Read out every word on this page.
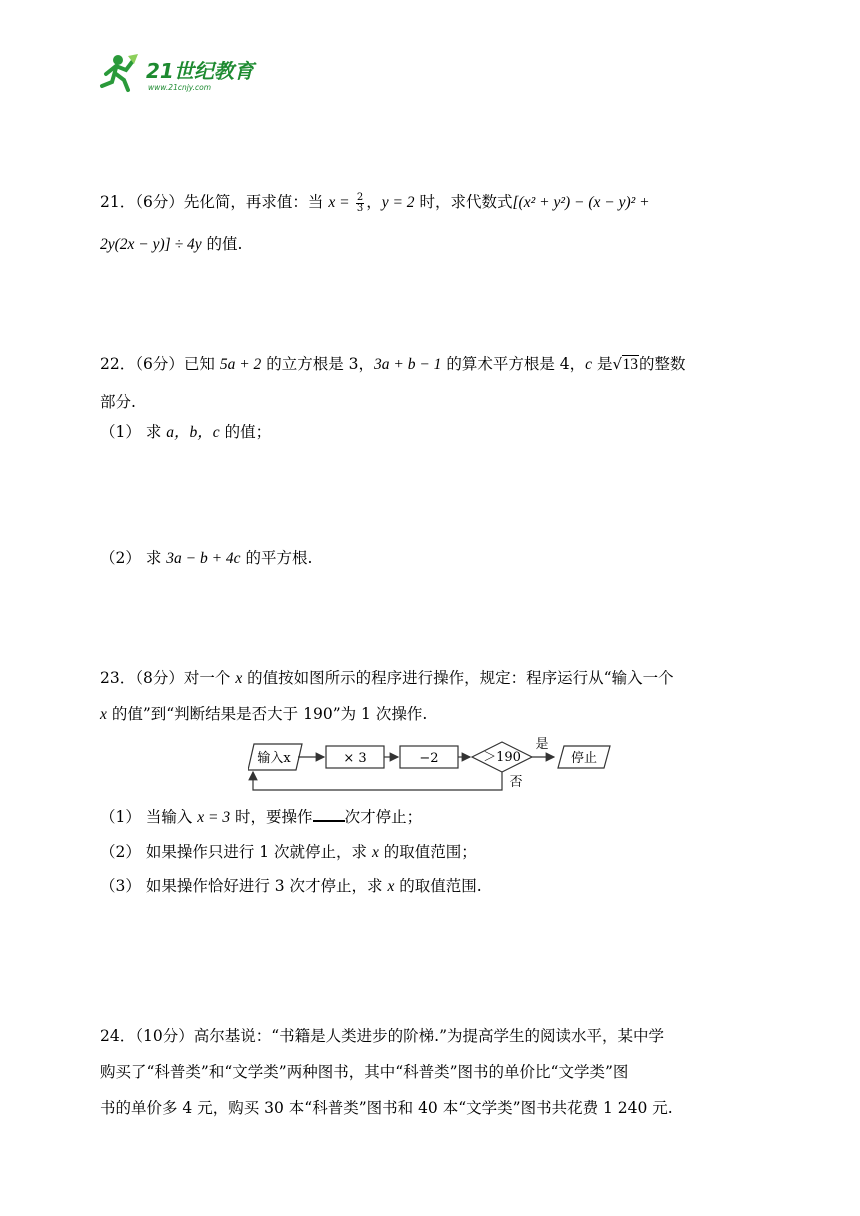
21世纪教育
www.21cnjy.com
21．（6分）先化简，再求值：当 $x = \frac{2}{3}$ ，y = 2 时，求代数式[(x² + y²) − (x − y)² +
2y(2x − y)] ÷ 4y 的值.
22．（6分）已知 5a + 2 的立方根是 3，3a + b − 1 的算术平方根是 4，c 是 √ 13的整数
部分.
（1） 求 a，b，c 的值；
（2） 求 3a − b + 4c 的平方根.
23．（8分）对一个 x 的值按如图所示的程序进行操作，规定：程序运行从“输入一个
x 的值”到“判断结果是否大于 190”为 1 次操作.
输入x	× 3	−2	＞190
是
停止
否
（1） 当输入 x = 3 时，要操作 次才停止；
（2） 如果操作只进行 1 次就停止，求 x 的取值范围；
（3） 如果操作恰好进行 3 次才停止，求 x 的取值范围.
24．（10分）高尔基说：“书籍是人类进步的阶梯.”为提高学生的阅读水平，某中学
购买了“科普类”和“文学类”两种图书，其中“科普类”图书的单价比“文学类”图
书的单价多 4 元，购买 30 本“科普类”图书和 40 本“文学类”图书共花费 1 240 元.
